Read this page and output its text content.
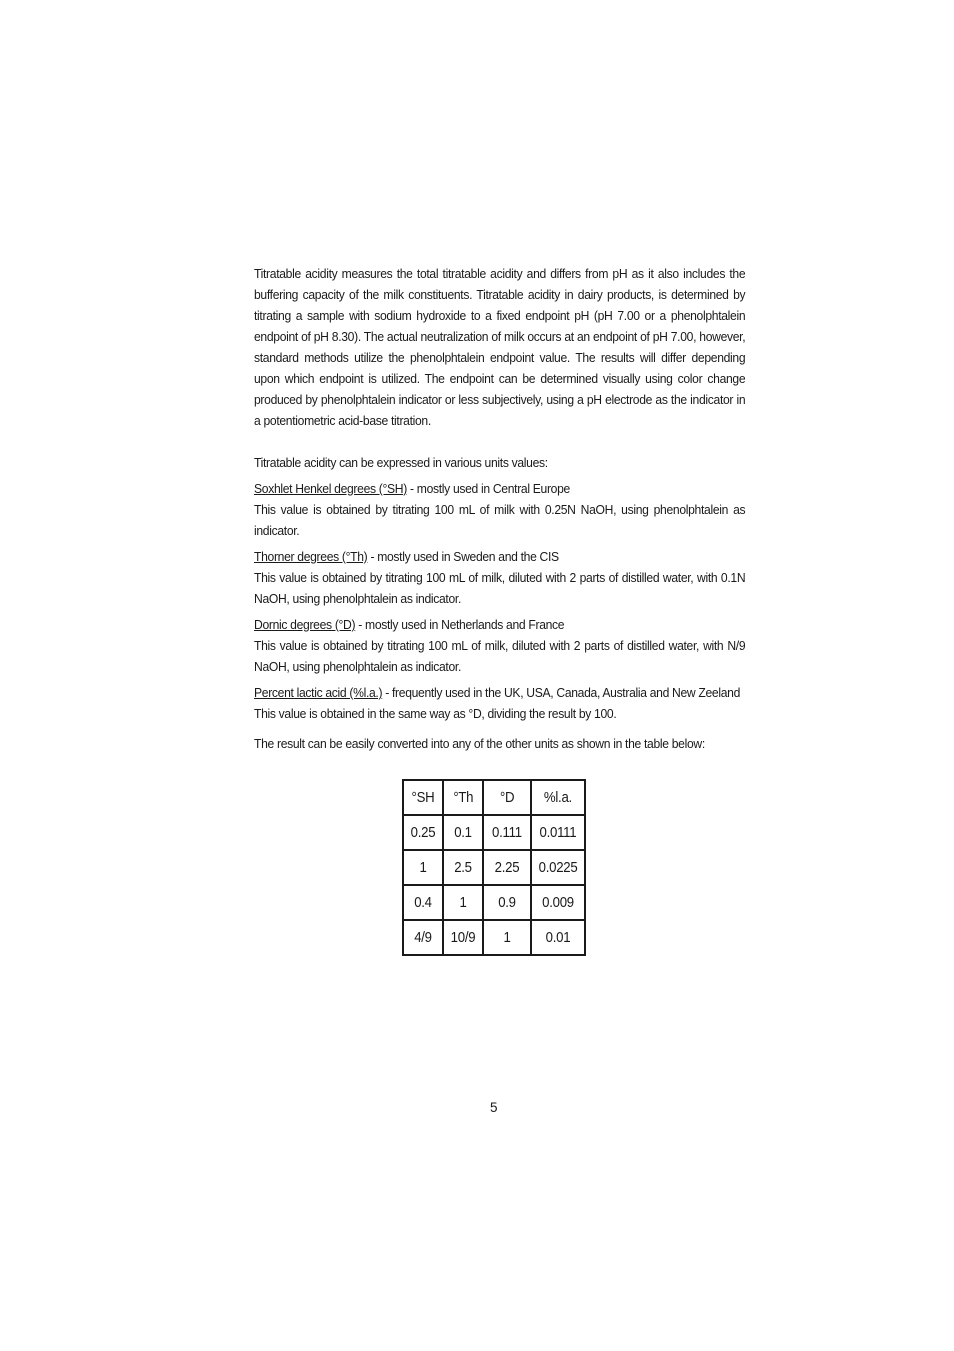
Titratable acidity measures the total titratable acidity and differs from pH as it also includes the buffering capacity of the milk constituents. Titratable acidity in dairy products, is determined by titrating a sample with sodium hydroxide to a fixed endpoint pH (pH 7.00 or a phenolphtalein endpoint of pH 8.30). The actual neutralization of milk occurs at an endpoint of pH 7.00, however, standard methods utilize the phenolphtalein endpoint value. The results will differ depending upon which endpoint is utilized. The endpoint can be determined visually using color change produced by phenolphtalein indicator or less subjectively, using a pH electrode as the indicator in a potentiometric acid-base titration.

Titratable acidity can be expressed in various units values:

Soxhlet Henkel degrees (°SH) - mostly used in Central Europe

This value is obtained by titrating 100 mL of milk with 0.25N NaOH, using phenolphtalein as indicator.

Thorner degrees (°Th) - mostly used in Sweden and the CIS

This value is obtained by titrating 100 mL of milk, diluted with 2 parts of distilled water, with 0.1N NaOH, using phenolphtalein as indicator.

Dornic degrees (°D) - mostly used in Netherlands and France

This value is obtained by titrating 100 mL of milk, diluted with 2 parts of distilled water, with N/9 NaOH, using phenolphtalein as indicator.

Percent lactic acid (%l.a.) - frequently used in the UK, USA, Canada, Australia and New Zeeland

This value is obtained in the same way as °D, dividing the result by 100.

The result can be easily converted into any of the other units as shown in the table below:

°SH	°Th	°D	%l.a.
0.25	0.1	0.111	0.0111
1	2.5	2.25	0.0225
0.4	1	0.9	0.009
4/9	10/9	1	0.01
5
